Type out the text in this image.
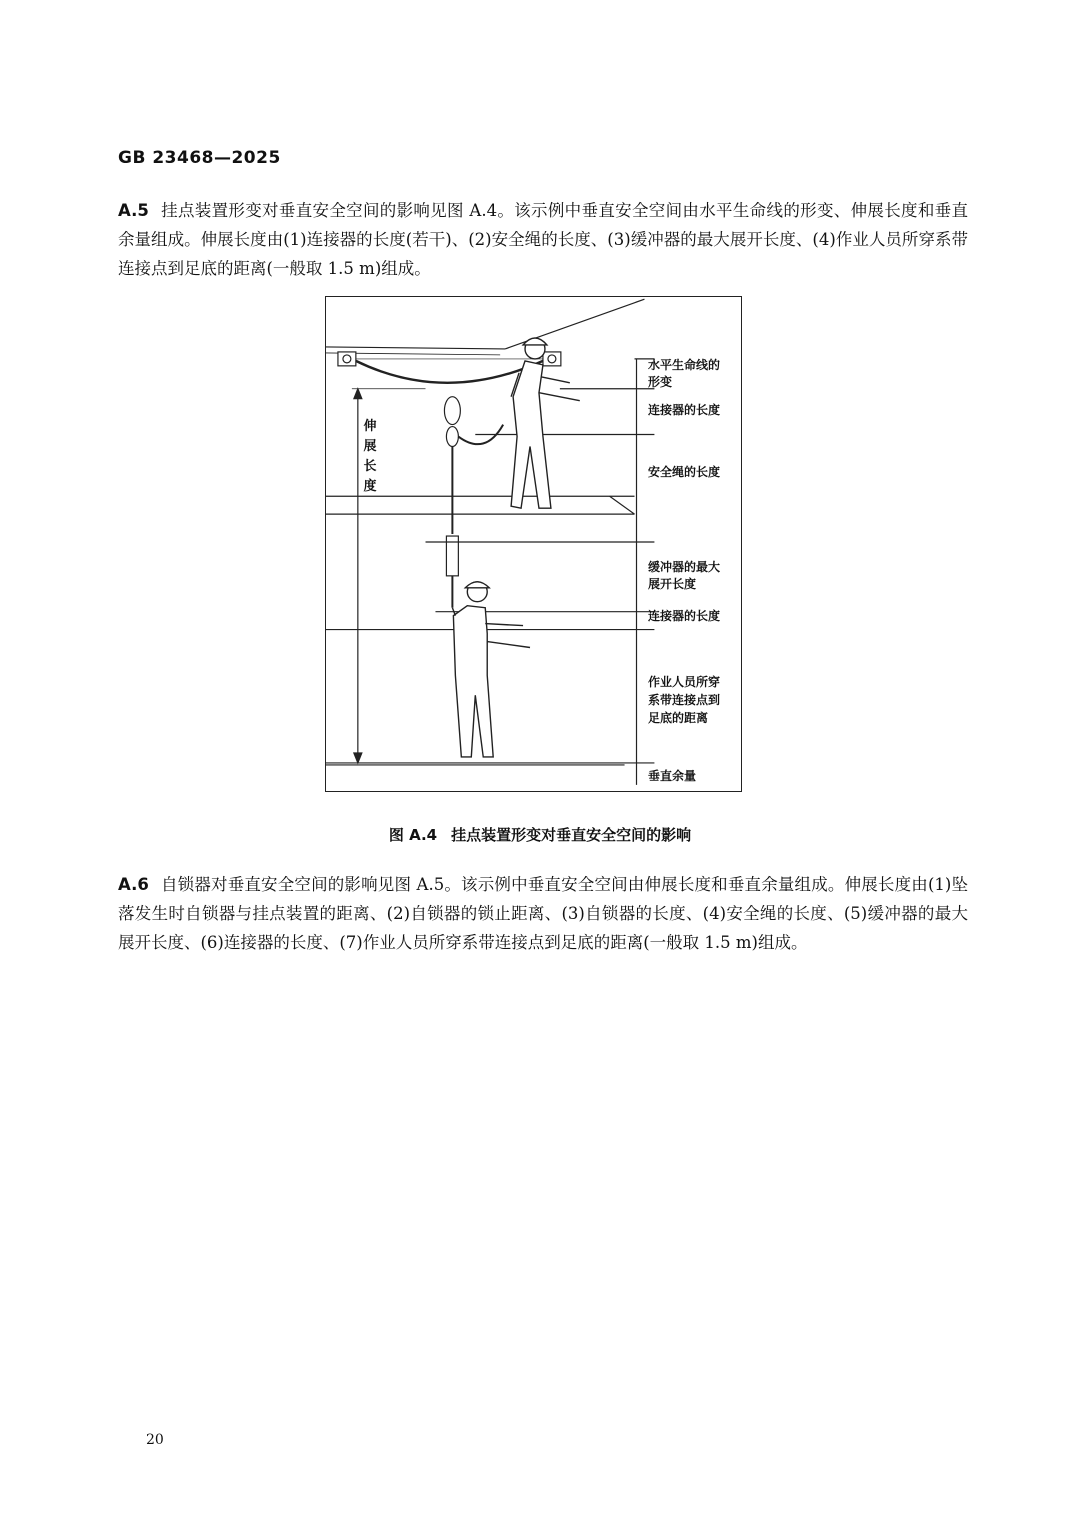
GB 23468—2025
A.5 挂点装置形变对垂直安全空间的影响见图 A.4。该示例中垂直安全空间由水平生命线的形变、伸展长度和垂直余量组成。伸展长度由(1)连接器的长度(若干)、(2)安全绳的长度、(3)缓冲器的最大展开长度、(4)作业人员所穿系带连接点到足底的距离(一般取 1.5 m)组成。
伸展长度
水平生命线的
形变
连接器的长度
安全绳的长度
缓冲器的最大
展开长度
连接器的长度
作业人员所穿
系带连接点到
足底的距离
垂直余量
图 A.4 挂点装置形变对垂直安全空间的影响
A.6 自锁器对垂直安全空间的影响见图 A.5。该示例中垂直安全空间由伸展长度和垂直余量组成。伸展长度由(1)坠落发生时自锁器与挂点装置的距离、(2)自锁器的锁止距离、(3)自锁器的长度、(4)安全绳的长度、(5)缓冲器的最大展开长度、(6)连接器的长度、(7)作业人员所穿系带连接点到足底的距离(一般取 1.5 m)组成。
20
